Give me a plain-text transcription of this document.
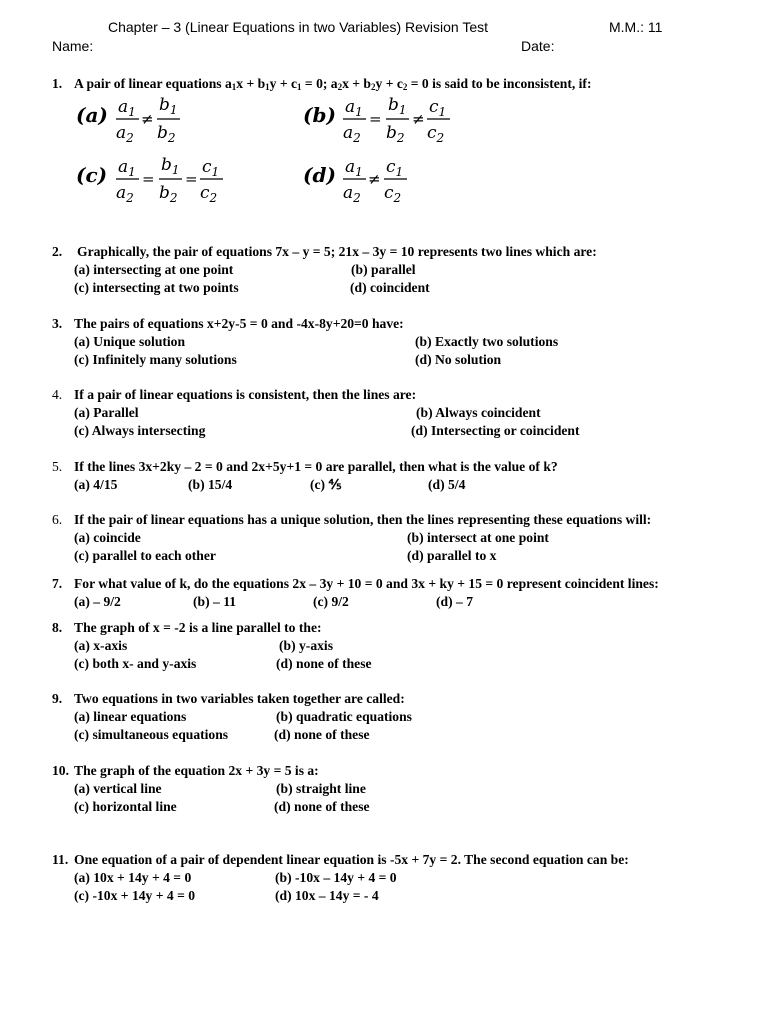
Chapter – 3 (Linear Equations in two Variables) Revision Test	M.M.: 11
Name:	Date:
1. A pair of linear equations $a_1x + b_1y + c_1 = 0$; $a_2x + b_2y + c_2 = 0$ is said to be inconsistent, if:
(a) $a_1$
$a_2$
≠
$b_1$
$b_2$
(b) $a_1$
$a_2$
=
$b_1$
$b_2$
≠
$c_1$
$c_2$
(c) $a_1$
$a_2$
=
$b_1$
$b_2$
=
$c_1$
$c_2$
(d) $a_1$
$a_2$
≠
$c_1$
$c_2$
2. Graphically, the pair of equations 7x – y = 5; 21x – 3y = 10 represents two lines which are:
(a) intersecting at one point	(b) parallel
(c) intersecting at two points	(d) coincident
3. The pairs of equations x+2y-5 = 0 and -4x-8y+20=0 have:
(a) Unique solution	(b) Exactly two solutions
(c) Infinitely many solutions	(d) No solution
4. If a pair of linear equations is consistent, then the lines are:
(a) Parallel	(b) Always coincident
(c) Always intersecting	(d) Intersecting or coincident
5. If the lines 3x+2ky – 2 = 0 and 2x+5y+1 = 0 are parallel, then what is the value of k?
(a) 4/15	(b) 15/4	(c) ⅘	(d) 5/4
6. If the pair of linear equations has a unique solution, then the lines representing these equations will:
(a) coincide	(b) intersect at one point
(c) parallel to each other	(d) parallel to x
7. For what value of k, do the equations 2x – 3y + 10 = 0 and 3x + ky + 15 = 0 represent coincident lines:
(a) – 9/2	(b) – 11	(c) 9/2	(d) – 7
8. The graph of x = -2 is a line parallel to the:
(a) x-axis	(b) y-axis
(c) both x- and y-axis	(d) none of these
9. Two equations in two variables taken together are called:
(a) linear equations	(b) quadratic equations
(c) simultaneous equations	(d) none of these
10. The graph of the equation 2x + 3y = 5 is a:
(a) vertical line	(b) straight line
(c) horizontal line	(d) none of these
11. One equation of a pair of dependent linear equation is -5x + 7y = 2. The second equation can be:
(a) 10x + 14y + 4 = 0	(b) -10x – 14y + 4 = 0
(c) -10x + 14y + 4 = 0	(d) 10x – 14y = - 4
